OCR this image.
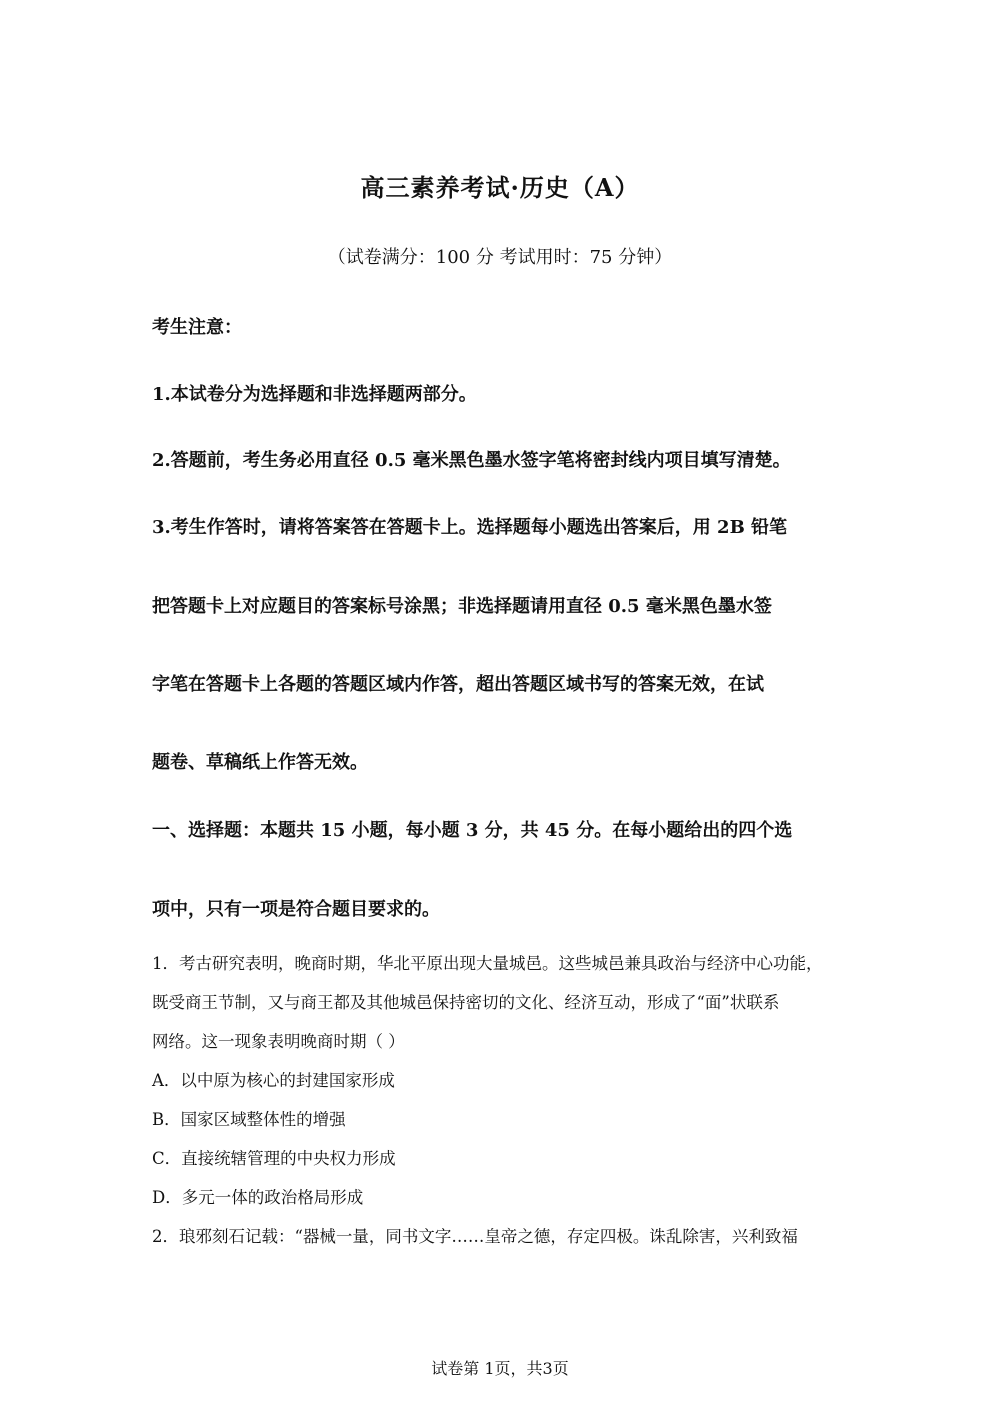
高三素养考试·历史（A）
（试卷满分：100 分 考试用时：75 分钟）
考生注意：
1.本试卷分为选择题和非选择题两部分。
2.答题前，考生务必用直径 0.5 毫米黑色墨水签字笔将密封线内项目填写清楚。
3.考生作答时，请将答案答在答题卡上。选择题每小题选出答案后，用 2B 铅笔
把答题卡上对应题目的答案标号涂黑；非选择题请用直径 0.5 毫米黑色墨水签
字笔在答题卡上各题的答题区域内作答，超出答题区域书写的答案无效，在试
题卷、草稿纸上作答无效。
一、选择题：本题共 15 小题，每小题 3 分，共 45 分。在每小题给出的四个选
项中，只有一项是符合题目要求的。
1．考古研究表明，晚商时期，华北平原出现大量城邑。这些城邑兼具政治与经济中心功能，
既受商王节制，又与商王都及其他城邑保持密切的文化、经济互动，形成了“面”状联系
网络。这一现象表明晚商时期（ ）
A．以中原为核心的封建国家形成
B．国家区域整体性的增强
C．直接统辖管理的中央权力形成
D．多元一体的政治格局形成
2．琅邪刻石记载：“器械一量，同书文字……皇帝之德，存定四极。诛乱除害，兴利致福
试卷第 1页，共3页
